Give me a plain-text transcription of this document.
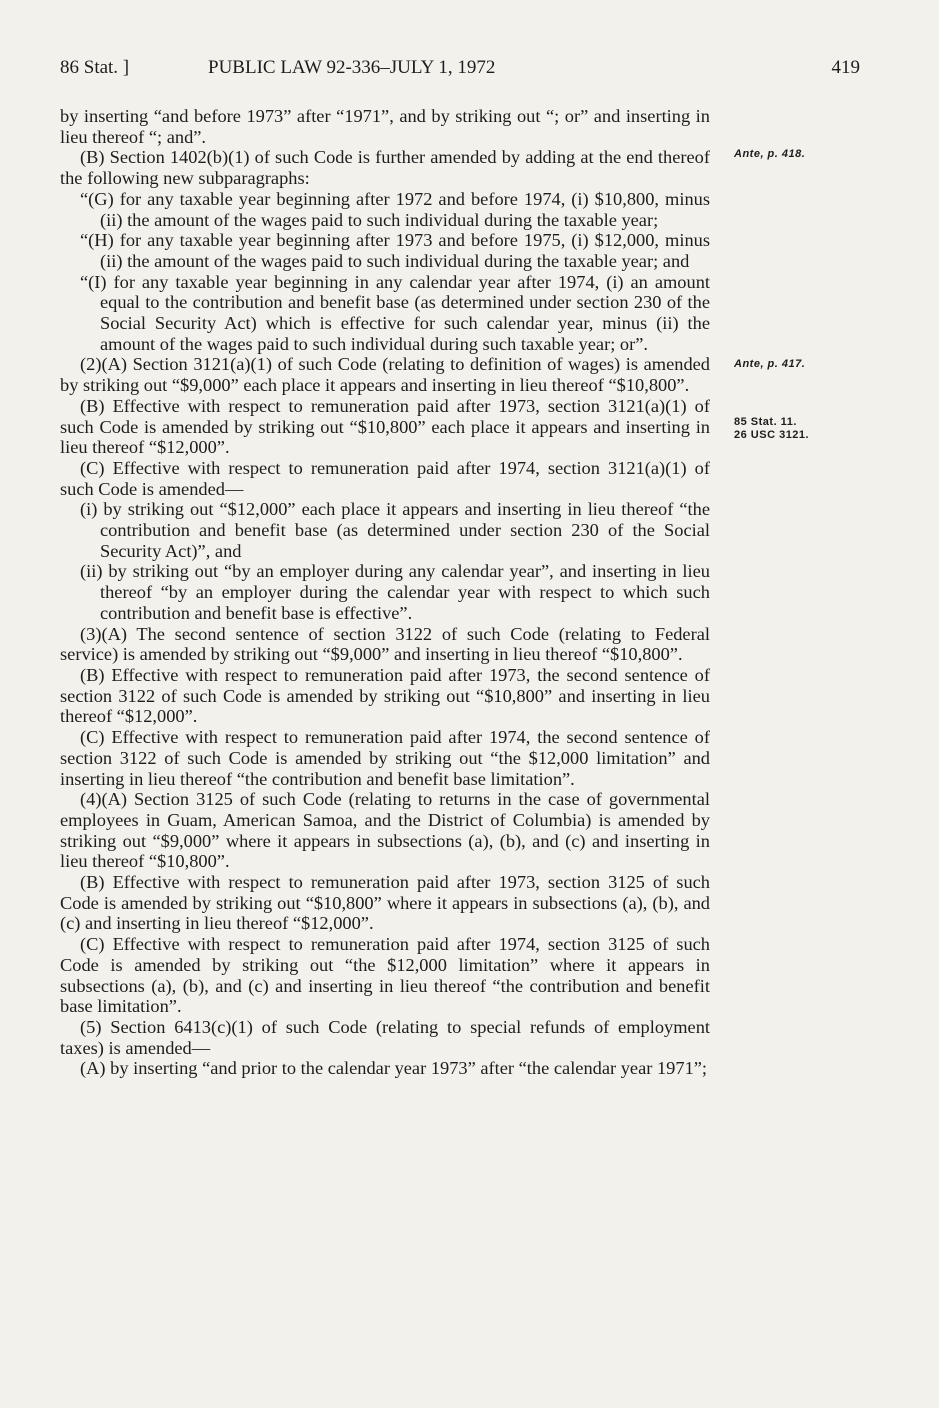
86 Stat. ]	PUBLIC LAW 92-336–JULY 1, 1972	419

by inserting “and before 1973” after “1971”, and by striking out “; or” and inserting in lieu thereof “; and”.

(B) Section 1402(b)(1) of such Code is further amended by adding at the end thereof the following new subparagraphs:

“(G) for any taxable year beginning after 1972 and before 1974, (i) $10,800, minus (ii) the amount of the wages paid to such individual during the taxable year;

“(H) for any taxable year beginning after 1973 and before 1975, (i) $12,000, minus (ii) the amount of the wages paid to such individual during the taxable year; and

“(I) for any taxable year beginning in any calendar year after 1974, (i) an amount equal to the contribution and benefit base (as determined under section 230 of the Social Security Act) which is effective for such calendar year, minus (ii) the amount of the wages paid to such individual during such taxable year; or”.

(2)(A) Section 3121(a)(1) of such Code (relating to definition of wages) is amended by striking out “$9,000” each place it appears and inserting in lieu thereof “$10,800”.

(B) Effective with respect to remuneration paid after 1973, section 3121(a)(1) of such Code is amended by striking out “$10,800” each place it appears and inserting in lieu thereof “$12,000”.

(C) Effective with respect to remuneration paid after 1974, section 3121(a)(1) of such Code is amended—

(i) by striking out “$12,000” each place it appears and inserting in lieu thereof “the contribution and benefit base (as determined under section 230 of the Social Security Act)”, and

(ii) by striking out “by an employer during any calendar year”, and inserting in lieu thereof “by an employer during the calendar year with respect to which such contribution and benefit base is effective”.

(3)(A) The second sentence of section 3122 of such Code (relating to Federal service) is amended by striking out “$9,000” and inserting in lieu thereof “$10,800”.

(B) Effective with respect to remuneration paid after 1973, the second sentence of section 3122 of such Code is amended by striking out “$10,800” and inserting in lieu thereof “$12,000”.

(C) Effective with respect to remuneration paid after 1974, the second sentence of section 3122 of such Code is amended by striking out “the $12,000 limitation” and inserting in lieu thereof “the contribution and benefit base limitation”.

(4)(A) Section 3125 of such Code (relating to returns in the case of governmental employees in Guam, American Samoa, and the District of Columbia) is amended by striking out “$9,000” where it appears in subsections (a), (b), and (c) and inserting in lieu thereof “$10,800”.

(B) Effective with respect to remuneration paid after 1973, section 3125 of such Code is amended by striking out “$10,800” where it appears in subsections (a), (b), and (c) and inserting in lieu thereof “$12,000”.

(C) Effective with respect to remuneration paid after 1974, section 3125 of such Code is amended by striking out “the $12,000 limitation” where it appears in subsections (a), (b), and (c) and inserting in lieu thereof “the contribution and benefit base limitation”.

(5) Section 6413(c)(1) of such Code (relating to special refunds of employment taxes) is amended—

(A) by inserting “and prior to the calendar year 1973” after “the calendar year 1971”;

Ante, p. 418.
Ante, p. 417.
85 Stat. 11.
26 USC 3121.
